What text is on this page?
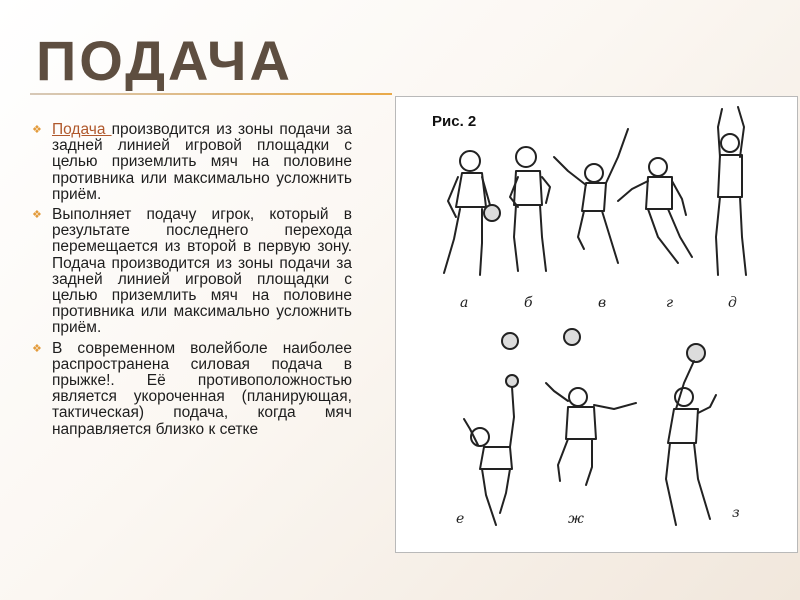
ПОДАЧА
❖ Подача производится из зоны подачи за задней линией игровой площадки с целью приземлить мяч на половине противника или максимально усложнить приём.
❖ Выполняет подачу игрок, который в результате последнего перехода перемещается из второй в первую зону. Подача производится из зоны подачи за задней линией игровой площадки с целью приземлить мяч на половине противника или максимально усложнить приём.
❖ В современном волейболе наиболее распространена силовая подача в прыжке!. Её противоположностью является укороченная (планирующая, тактическая) подача, когда мяч направляется близко к сетке
Рис. 2
а	б	в	г	д
е	ж	з
